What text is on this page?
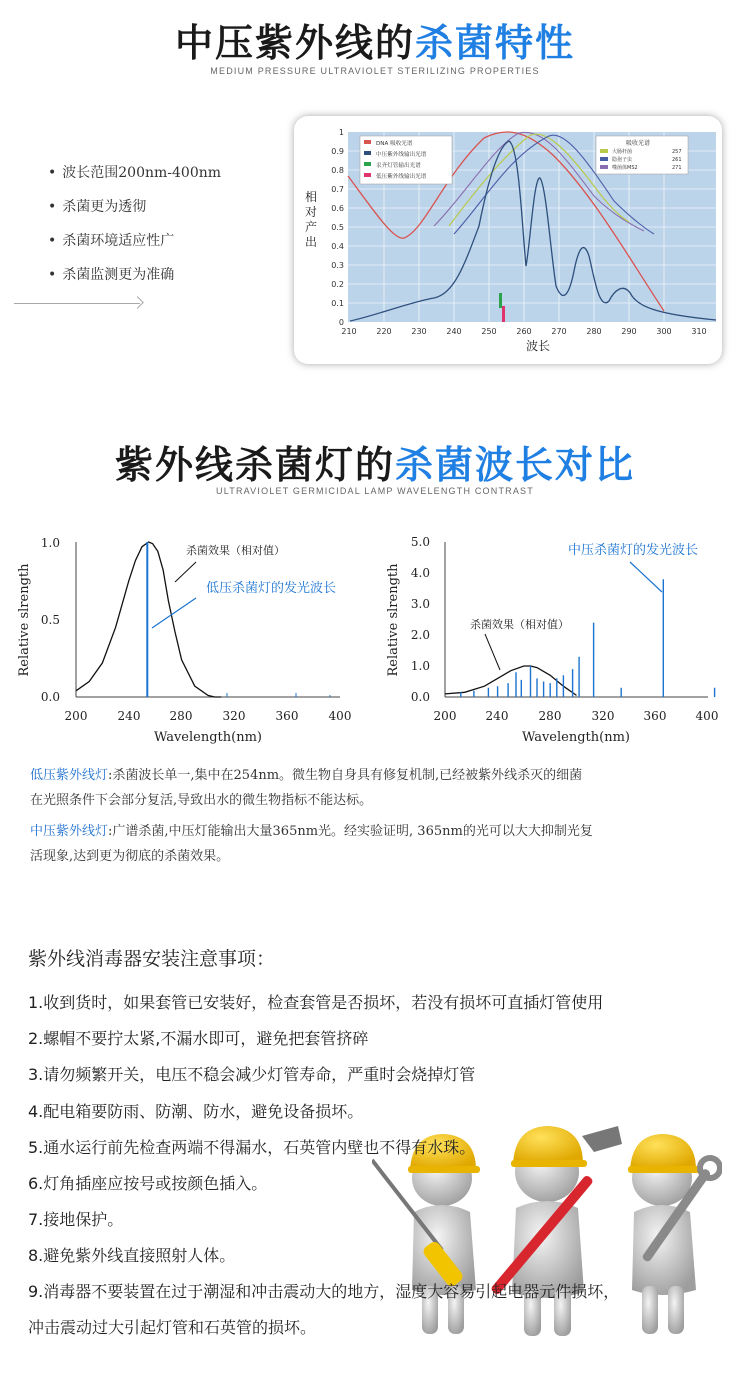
中压紫外线的杀菌特性
MEDIUM PRESSURE ULTRAVIOLET STERILIZING PROPERTIES
• 波长范围200nm-400nm
• 杀菌更为透彻
• 杀菌环境适应性广
• 杀菌监测更为准确
DNA 吸收光谱
中压紫外线输出光谱
汞齐灯管输出光谱
低压紫外线输出光谱
吸收光谱
大肠杆菌	257
隐孢子虫	261
噬菌体MS2	271
0
0.1
0.2
0.3
0.4
0.5
0.6
0.7
0.8
0.9
1
210 220 230 240 250 260 270 280 290 300 310
波长
相对产出
紫外线杀菌灯的杀菌波长对比
ULTRAVIOLET GERMICIDAL LAMP WAVELENGTH CONTRAST
0.0
0.5
1.0
200	240 280	320	360	400
Wavelength(nm)
Relative slrength
杀菌效果（相对值）
低压杀菌灯的发光波长
0.0
1.0
2.0
3.0
4.0
5.0
200 240	280	320 360 400
Wavelength(nm)
Relative slrength	杀菌效果（相对值）
中压杀菌灯的发光波长
低压紫外线灯:杀菌波长单一,集中在254nm。微生物自身具有修复机制,已经被紫外线杀灭的细菌
在光照条件下会部分复活,导致出水的微生物指标不能达标。
中压紫外线灯:广谱杀菌,中压灯能输出大量365nm光。经实验证明, 365nm的光可以大大抑制光复
活现象,达到更为彻底的杀菌效果。
紫外线消毒器安装注意事项：
1.收到货时，如果套管已安装好，检查套管是否损坏，若没有损坏可直插灯管使用
2.螺帽不要拧太紧,不漏水即可，避免把套管挤碎
3.请勿频繁开关，电压不稳会减少灯管寿命，严重时会烧掉灯管
4.配电箱要防雨、防潮、防水，避免设备损坏。
5.通水运行前先检查两端不得漏水，石英管内壁也不得有水珠。
6.灯角插座应按号或按颜色插入。
7.接地保护。
8.避免紫外线直接照射人体。
9.消毒器不要装置在过于潮湿和冲击震动大的地方，湿度大容易引起电器元件损坏，
冲击震动过大引起灯管和石英管的损坏。
